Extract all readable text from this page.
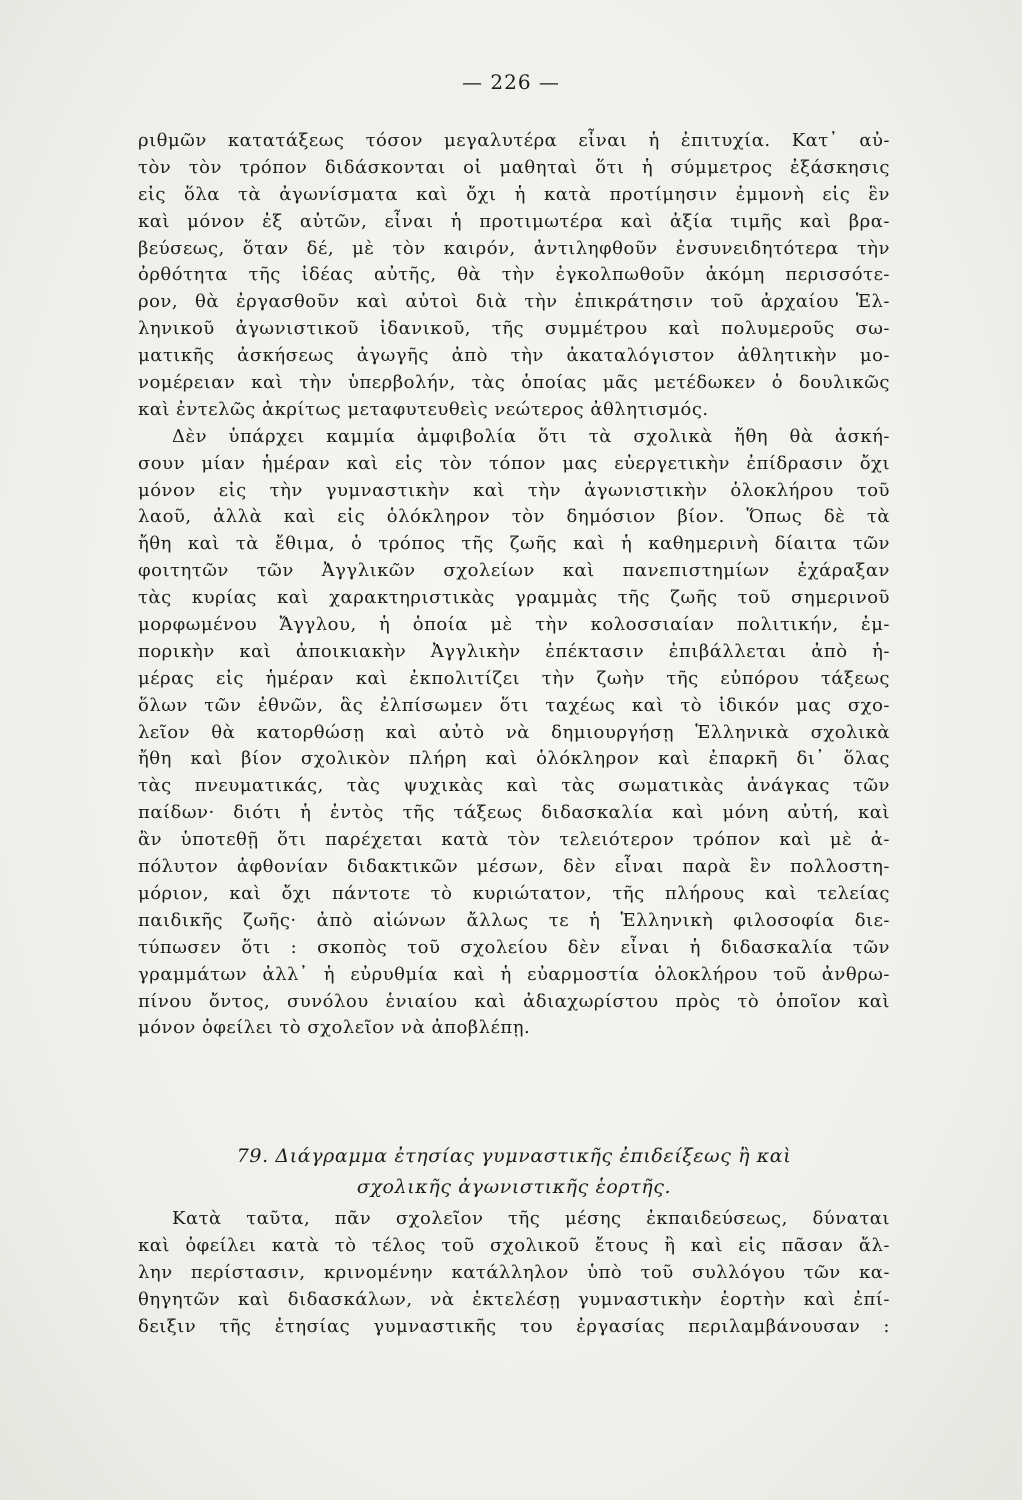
— 226 —
ριθμῶν κατατάξεως τόσον μεγαλυτέρα εἶναι ἡ ἐπιτυχία. Κατ᾽ αὐ-
τὸν τὸν τρόπον διδάσκονται οἱ μαθηταὶ ὅτι ἡ σύμμετρος ἐξάσκησις
εἰς ὅλα τὰ ἀγωνίσματα καὶ ὄχι ἡ κατὰ προτίμησιν ἐμμονὴ εἰς ἓν
καὶ μόνον ἐξ αὐτῶν, εἶναι ἡ προτιμωτέρα καὶ ἀξία τιμῆς καὶ βρα-
βεύσεως, ὅταν δέ, μὲ τὸν καιρόν, ἀντιληφθοῦν ἐνσυνειδητότερα τὴν
ὀρθότητα τῆς ἰδέας αὐτῆς, θὰ τὴν ἐγκολπωθοῦν ἀκόμη περισσότε-
ρον, θὰ ἐργασθοῦν καὶ αὐτοὶ διὰ τὴν ἐπικράτησιν τοῦ ἀρχαίου Ἑλ-
ληνικοῦ ἀγωνιστικοῦ ἰδανικοῦ, τῆς συμμέτρου καὶ πολυμεροῦς σω-
ματικῆς ἀσκήσεως ἀγωγῆς ἀπὸ τὴν ἀκαταλόγιστον ἀθλητικὴν μο-
νομέρειαν καὶ τὴν ὑπερβολήν, τὰς ὁποίας μᾶς μετέδωκεν ὁ δουλικῶς
καὶ ἐντελῶς ἀκρίτως μεταφυτευθεὶς νεώτερος ἀθλητισμός.
Δὲν ὑπάρχει καμμία ἀμφιβολία ὅτι τὰ σχολικὰ ἤθη θὰ ἀσκή-
σουν μίαν ἡμέραν καὶ εἰς τὸν τόπον μας εὐεργετικὴν ἐπίδρασιν ὄχι
μόνον εἰς τὴν γυμναστικὴν καὶ τὴν ἀγωνιστικὴν ὁλοκλήρου τοῦ
λαοῦ, ἀλλὰ καὶ εἰς ὁλόκληρον τὸν δημόσιον βίον. Ὅπως δὲ τὰ
ἤθη καὶ τὰ ἔθιμα, ὁ τρόπος τῆς ζωῆς καὶ ἡ καθημερινὴ δίαιτα τῶν
φοιτητῶν τῶν Ἀγγλικῶν σχολείων καὶ πανεπιστημίων ἐχάραξαν
τὰς κυρίας καὶ χαρακτηριστικὰς γραμμὰς τῆς ζωῆς τοῦ σημερινοῦ
μορφωμένου Ἄγγλου, ἡ ὁποία μὲ τὴν κολοσσιαίαν πολιτικήν, ἐμ-
πορικὴν καὶ ἀποικιακὴν Ἀγγλικὴν ἐπέκτασιν ἐπιβάλλεται ἀπὸ ἡ-
μέρας εἰς ἡμέραν καὶ ἐκπολιτίζει τὴν ζωὴν τῆς εὐπόρου τάξεως
ὅλων τῶν ἐθνῶν, ἃς ἐλπίσωμεν ὅτι ταχέως καὶ τὸ ἰδικόν μας σχο-
λεῖον θὰ κατορθώσῃ καὶ αὐτὸ νὰ δημιουργήσῃ Ἑλληνικὰ σχολικὰ
ἤθη καὶ βίον σχολικὸν πλήρη καὶ ὁλόκληρον καὶ ἐπαρκῆ δι᾽ ὅλας
τὰς πνευματικάς, τὰς ψυχικὰς καὶ τὰς σωματικὰς ἀνάγκας τῶν
παίδων· διότι ἡ ἐντὸς τῆς τάξεως διδασκαλία καὶ μόνη αὐτή, καὶ
ἂν ὑποτεθῇ ὅτι παρέχεται κατὰ τὸν τελειότερον τρόπον καὶ μὲ ἀ-
πόλυτον ἀφθονίαν διδακτικῶν μέσων, δὲν εἶναι παρὰ ἓν πολλοστη-
μόριον, καὶ ὄχι πάντοτε τὸ κυριώτατον, τῆς πλήρους καὶ τελείας
παιδικῆς ζωῆς· ἀπὸ αἰώνων ἄλλως τε ἡ Ἑλληνικὴ φιλοσοφία διε-
τύπωσεν ὅτι : σκοπὸς τοῦ σχολείου δὲν εἶναι ἡ διδασκαλία τῶν
γραμμάτων ἀλλ᾽ ἡ εὐρυθμία καὶ ἡ εὐαρμοστία ὁλοκλήρου τοῦ ἀνθρω-
πίνου ὄντος, συνόλου ἑνιαίου καὶ ἀδιαχωρίστου πρὸς τὸ ὁποῖον καὶ
μόνον ὀφείλει τὸ σχολεῖον νὰ ἀποβλέπῃ.
79. Διάγραμμα ἐτησίας γυμναστικῆς ἐπιδείξεως ἢ καὶ
σχολικῆς ἀγωνιστικῆς ἑορτῆς.
Κατὰ ταῦτα, πᾶν σχολεῖον τῆς μέσης ἐκπαιδεύσεως, δύναται
καὶ ὀφείλει κατὰ τὸ τέλος τοῦ σχολικοῦ ἔτους ἢ καὶ εἰς πᾶσαν ἄλ-
λην περίστασιν, κρινομένην κατάλληλον ὑπὸ τοῦ συλλόγου τῶν κα-
θηγητῶν καὶ διδασκάλων, νὰ ἐκτελέσῃ γυμναστικὴν ἑορτὴν καὶ ἐπί-
δειξιν τῆς ἐτησίας γυμναστικῆς του ἐργασίας περιλαμβάνουσαν :
